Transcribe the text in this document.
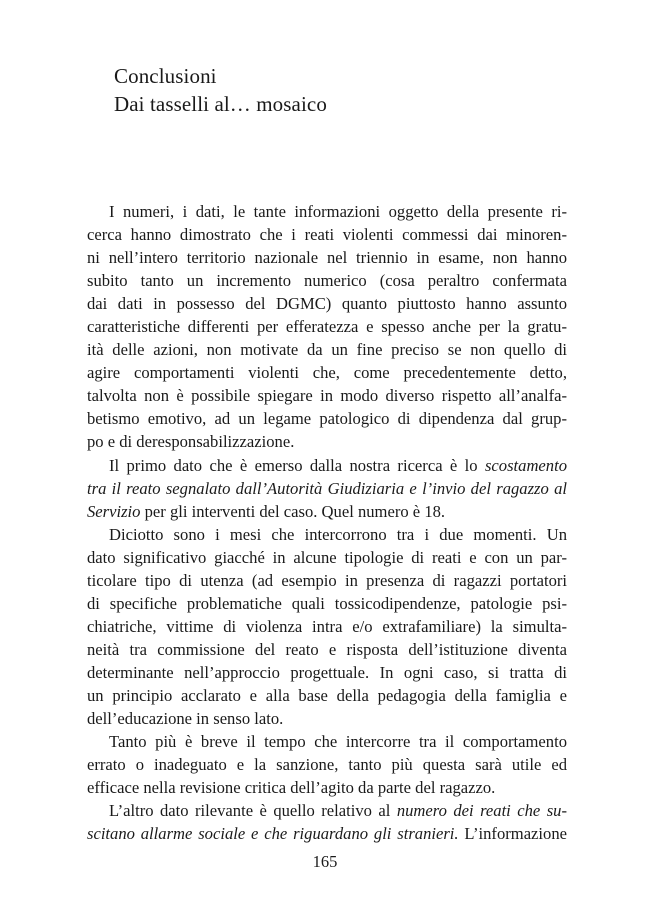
Conclusioni
Dai tasselli al… mosaico

I numeri, i dati, le tante informazioni oggetto della presente ri-
cerca hanno dimostrato che i reati violenti commessi dai minoren-
ni nell’intero territorio nazionale nel triennio in esame, non hanno
subito tanto un incremento numerico (cosa peraltro confermata
dai dati in possesso del DGMC) quanto piuttosto hanno assunto
caratteristiche differenti per efferatezza e spesso anche per la gratu-
ità delle azioni, non motivate da un fine preciso se non quello di
agire comportamenti violenti che, come precedentemente detto,
talvolta non è possibile spiegare in modo diverso rispetto all’analfa-
betismo emotivo, ad un legame patologico di dipendenza dal grup-
po e di deresponsabilizzazione.

Il primo dato che è emerso dalla nostra ricerca è lo scostamento
tra il reato segnalato dall’Autorità Giudiziaria e l’invio del ragazzo al
Servizio per gli interventi del caso. Quel numero è 18.

Diciotto sono i mesi che intercorrono tra i due momenti. Un
dato significativo giacché in alcune tipologie di reati e con un par-
ticolare tipo di utenza (ad esempio in presenza di ragazzi portatori
di specifiche problematiche quali tossicodipendenze, patologie psi-
chiatriche, vittime di violenza intra e/o extrafamiliare) la simulta-
neità tra commissione del reato e risposta dell’istituzione diventa
determinante nell’approccio progettuale. In ogni caso, si tratta di
un principio acclarato e alla base della pedagogia della famiglia e
dell’educazione in senso lato.

Tanto più è breve il tempo che intercorre tra il comportamento
errato o inadeguato e la sanzione, tanto più questa sarà utile ed
efficace nella revisione critica dell’agito da parte del ragazzo.

L’altro dato rilevante è quello relativo al numero dei reati che su-
scitano allarme sociale e che riguardano gli stranieri. L’informazione

165
